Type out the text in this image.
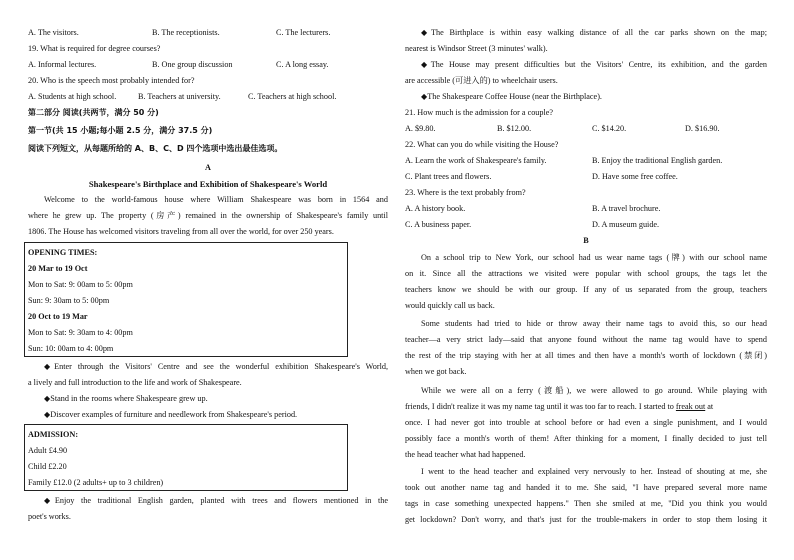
A. The visitors.	B. The receptionists.	C. The lecturers.
19. What is required for degree courses?
A. Informal lectures.	B. One group discussion	C. A long essay.
20. Who is the speech most probably intended for?
A. Students at high school.	B. Teachers at university.	C. Teachers at high school.
第二部分 阅读(共两节，满分 50 分)
第一节(共 15 小题;每小题 2.5 分，满分 37.5 分)
阅读下列短文，从每题所给的 A、B、C、D 四个选项中选出最佳选项。
A
Shakespeare's Birthplace and Exhibition of Shakespeare's World
Welcome to the world-famous house where William Shakespeare was born in 1564 and
where he grew up. The property (房产) remained in the ownership of Shakespeare's family until
1806. The House has welcomed visitors traveling from all over the world, for over 250 years.
OPENING TIMES:
20 Mar to 19 Oct
Mon to Sat: 9: 00am to 5: 00pm
Sun: 9: 30am to 5: 00pm
20 Oct to 19 Mar
Mon to Sat: 9: 30am to 4: 00pm
Sun: 10: 00am to 4: 00pm
◆Enter through the Visitors' Centre and see the wonderful exhibition Shakespeare's World,
a lively and full introduction to the life and work of Shakespeare.
◆Stand in the rooms where Shakespeare grew up.
◆Discover examples of furniture and needlework from Shakespeare's period.
ADMISSION:
Adult £4.90
Child £2.20
Family £12.0 (2 adults+ up to 3 children)
◆Enjoy the traditional English garden, planted with trees and flowers mentioned in the
poet's works.
◆The Birthplace is within easy walking distance of all the car parks shown on the map;
nearest is Windsor Street (3 minutes' walk).
◆The House may present difficulties but the Visitors' Centre, its exhibition, and the garden
are accessible (可进入的) to wheelchair users.
◆The Shakespeare Coffee House (near the Birthplace).
21. How much is the admission for a couple?
A. $9.80.	B. $12.00.	C. $14.20.	D. $16.90.
22. What can you do while visiting the House?
A. Learn the work of Shakespeare's family.	B. Enjoy the traditional English garden.
C. Plant trees and flowers.	D. Have some free coffee.
23. Where is the text probably from?
A. A history book.	B. A travel brochure.
C. A business paper.	D. A museum guide.
B
On a school trip to New York, our school had us wear name tags (牌) with our school name
on it. Since all the attractions we visited were popular with school groups, the tags let the
teachers know we should be with our group. If any of us separated from the group, teachers
would quickly call us back.
Some students had tried to hide or throw away their name tags to avoid this, so our head
teacher—a very strict lady—said that anyone found without the name tag would have to spend
the rest of the trip staying with her at all times and then have a month's worth of lockdown (禁闭)
when we got back.
While we were all on a ferry (渡船), we were allowed to go around. While playing with
friends, I didn't realize it was my name tag until it was too far to reach. I started to freak out at
once. I had never got into trouble at school before or had even a single punishment, and I would
possibly face a month's worth of them! After thinking for a moment, I finally decided to just tell
the head teacher what had happened.
I went to the head teacher and explained very nervously to her. Instead of shouting at me, she
took out another name tag and handed it to me. She said, "I have prepared several more name
tags in case something unexpected happens." Then she smiled at me, "Did you think you would
get lockdown? Don't worry, and that's just for the trouble-makers in order to stop them losing it
